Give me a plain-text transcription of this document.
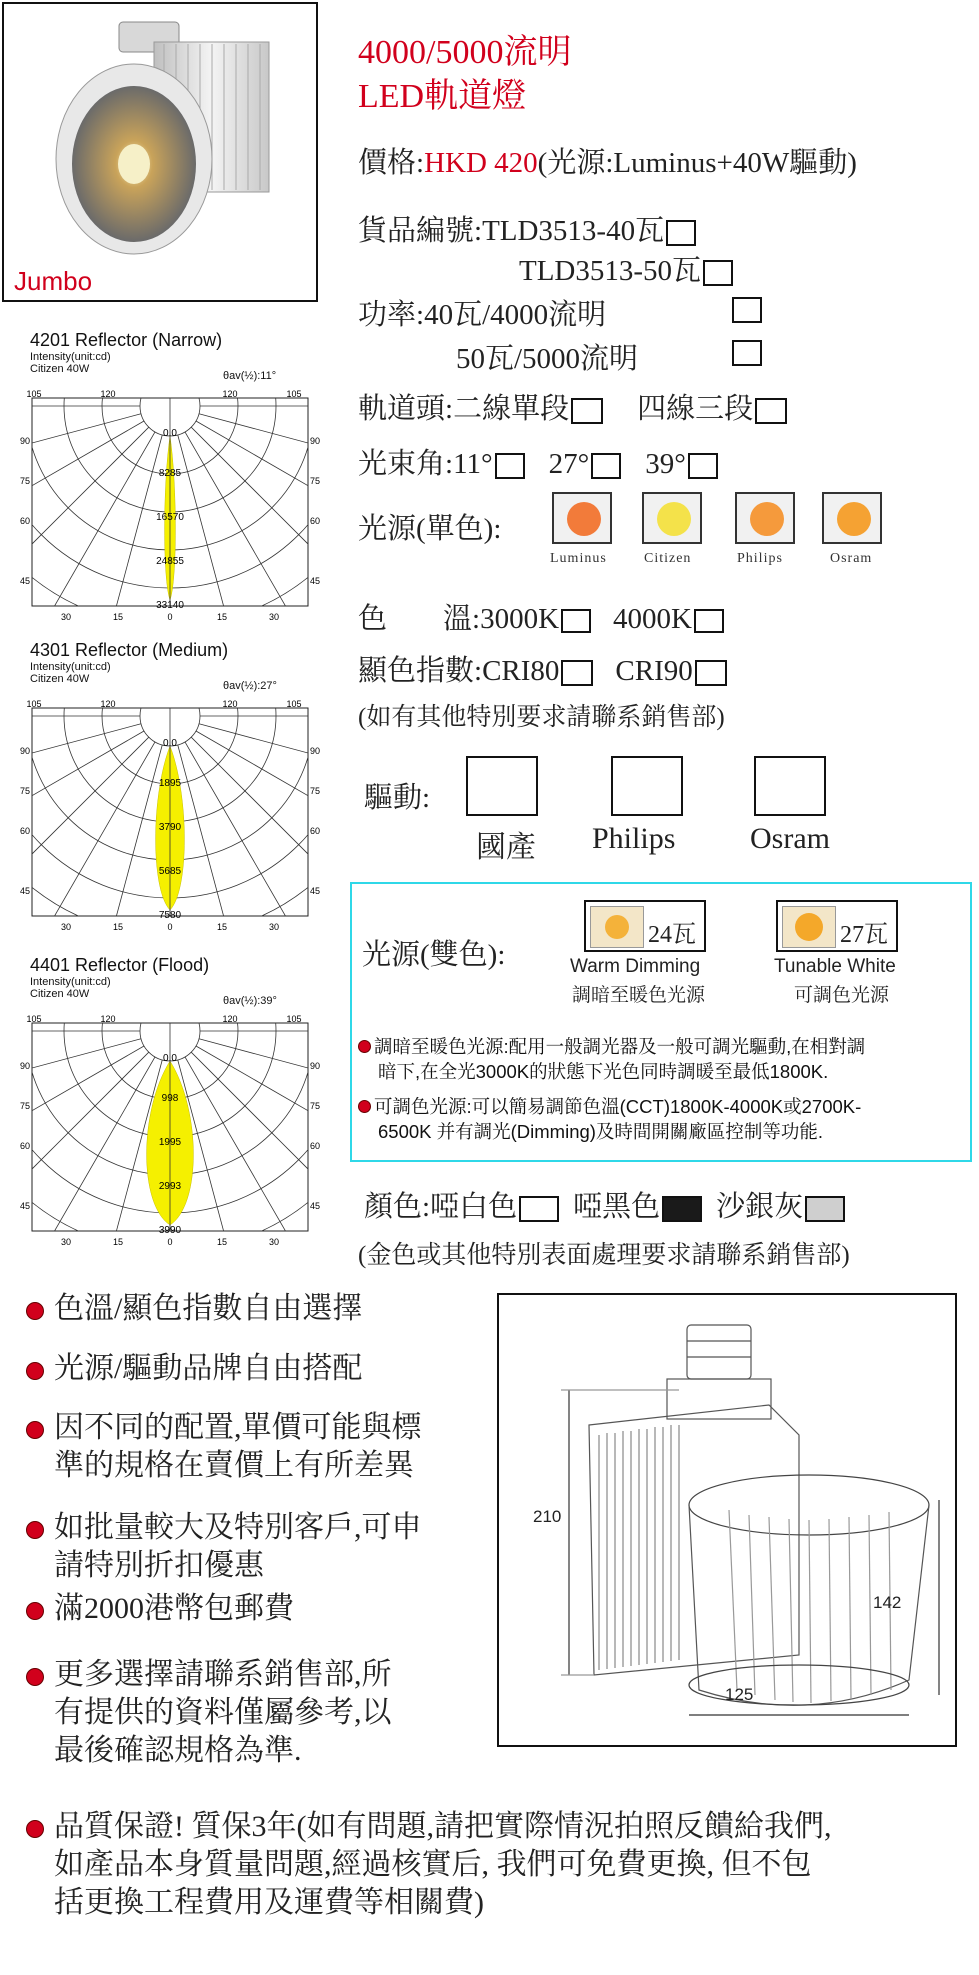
Jumbo
4000/5000流明
LED軌道燈
價格:HKD 420(光源:Luminus+40W驅動)
貨品編號:TLD3513-40瓦
TLD3513-50瓦
功率:40瓦/4000流明
50瓦/5000流明
軌道頭:二線單段 四線三段
光束角:11° 27° 39°
光源(單色):
Luminus	Citizen	Philips	Osram
色 溫:3000K 4000K
顯色指數:CRI80 CRI90
(如有其他特別要求請聯系銷售部)
驅動:
國產 Philips Osram
光源(雙色):
24瓦	27瓦
Warm Dimming
調暗至暖色光源
Tunable White
可調色光源
調暗至暖色光源:配用一般調光器及一般可調光驅動,在相對調
暗下,在全光3000K的狀態下光色同時調暖至最低1800K.
可調色光源:可以簡易調節色溫(CCT)1800K-4000K或2700K-
6500K 并有調光(Dimming)及時間開關廠區控制等功能.
顏色:啞白色 啞黑色 沙銀灰
(金色或其他特別表面處理要求請聯系銷售部)
4201 Reflector (Narrow)
Intensity(unit:cd)
Citizen 40W
θav(½):11°
0.0
8285
16570
24855
33140
105	120	120	105
90	90
75	75
60	60
45	45
30	15	0	15	30
4301 Reflector (Medium)
Intensity(unit:cd)
Citizen 40W
θav(½):27°
0.0
1895
3790
5685
7580
105	120	120	105
90	90
75	75
60	60
45	45
30	15	0	15	30
4401 Reflector (Flood)
Intensity(unit:cd)
Citizen 40W
θav(½):39°
0.0
998
1995
2993
3990
105	120	120	105
90	90
75	75
60	60
45	45
30	15	0	15	30
色溫/顯色指數自由選擇
光源/驅動品牌自由搭配
因不同的配置,單價可能與標
準的規格在賣價上有所差異
如批量較大及特別客戶,可申
請特別折扣優惠
滿2000港幣包郵費
更多選擇請聯系銷售部,所
有提供的資料僅屬參考,以
最後確認規格為準.
210
142
125
品質保證! 質保3年(如有問題,請把實際情況拍照反饋給我們,
如產品本身質量問題,經過核實后, 我們可免費更換, 但不包
括更換工程費用及運費等相關費)
